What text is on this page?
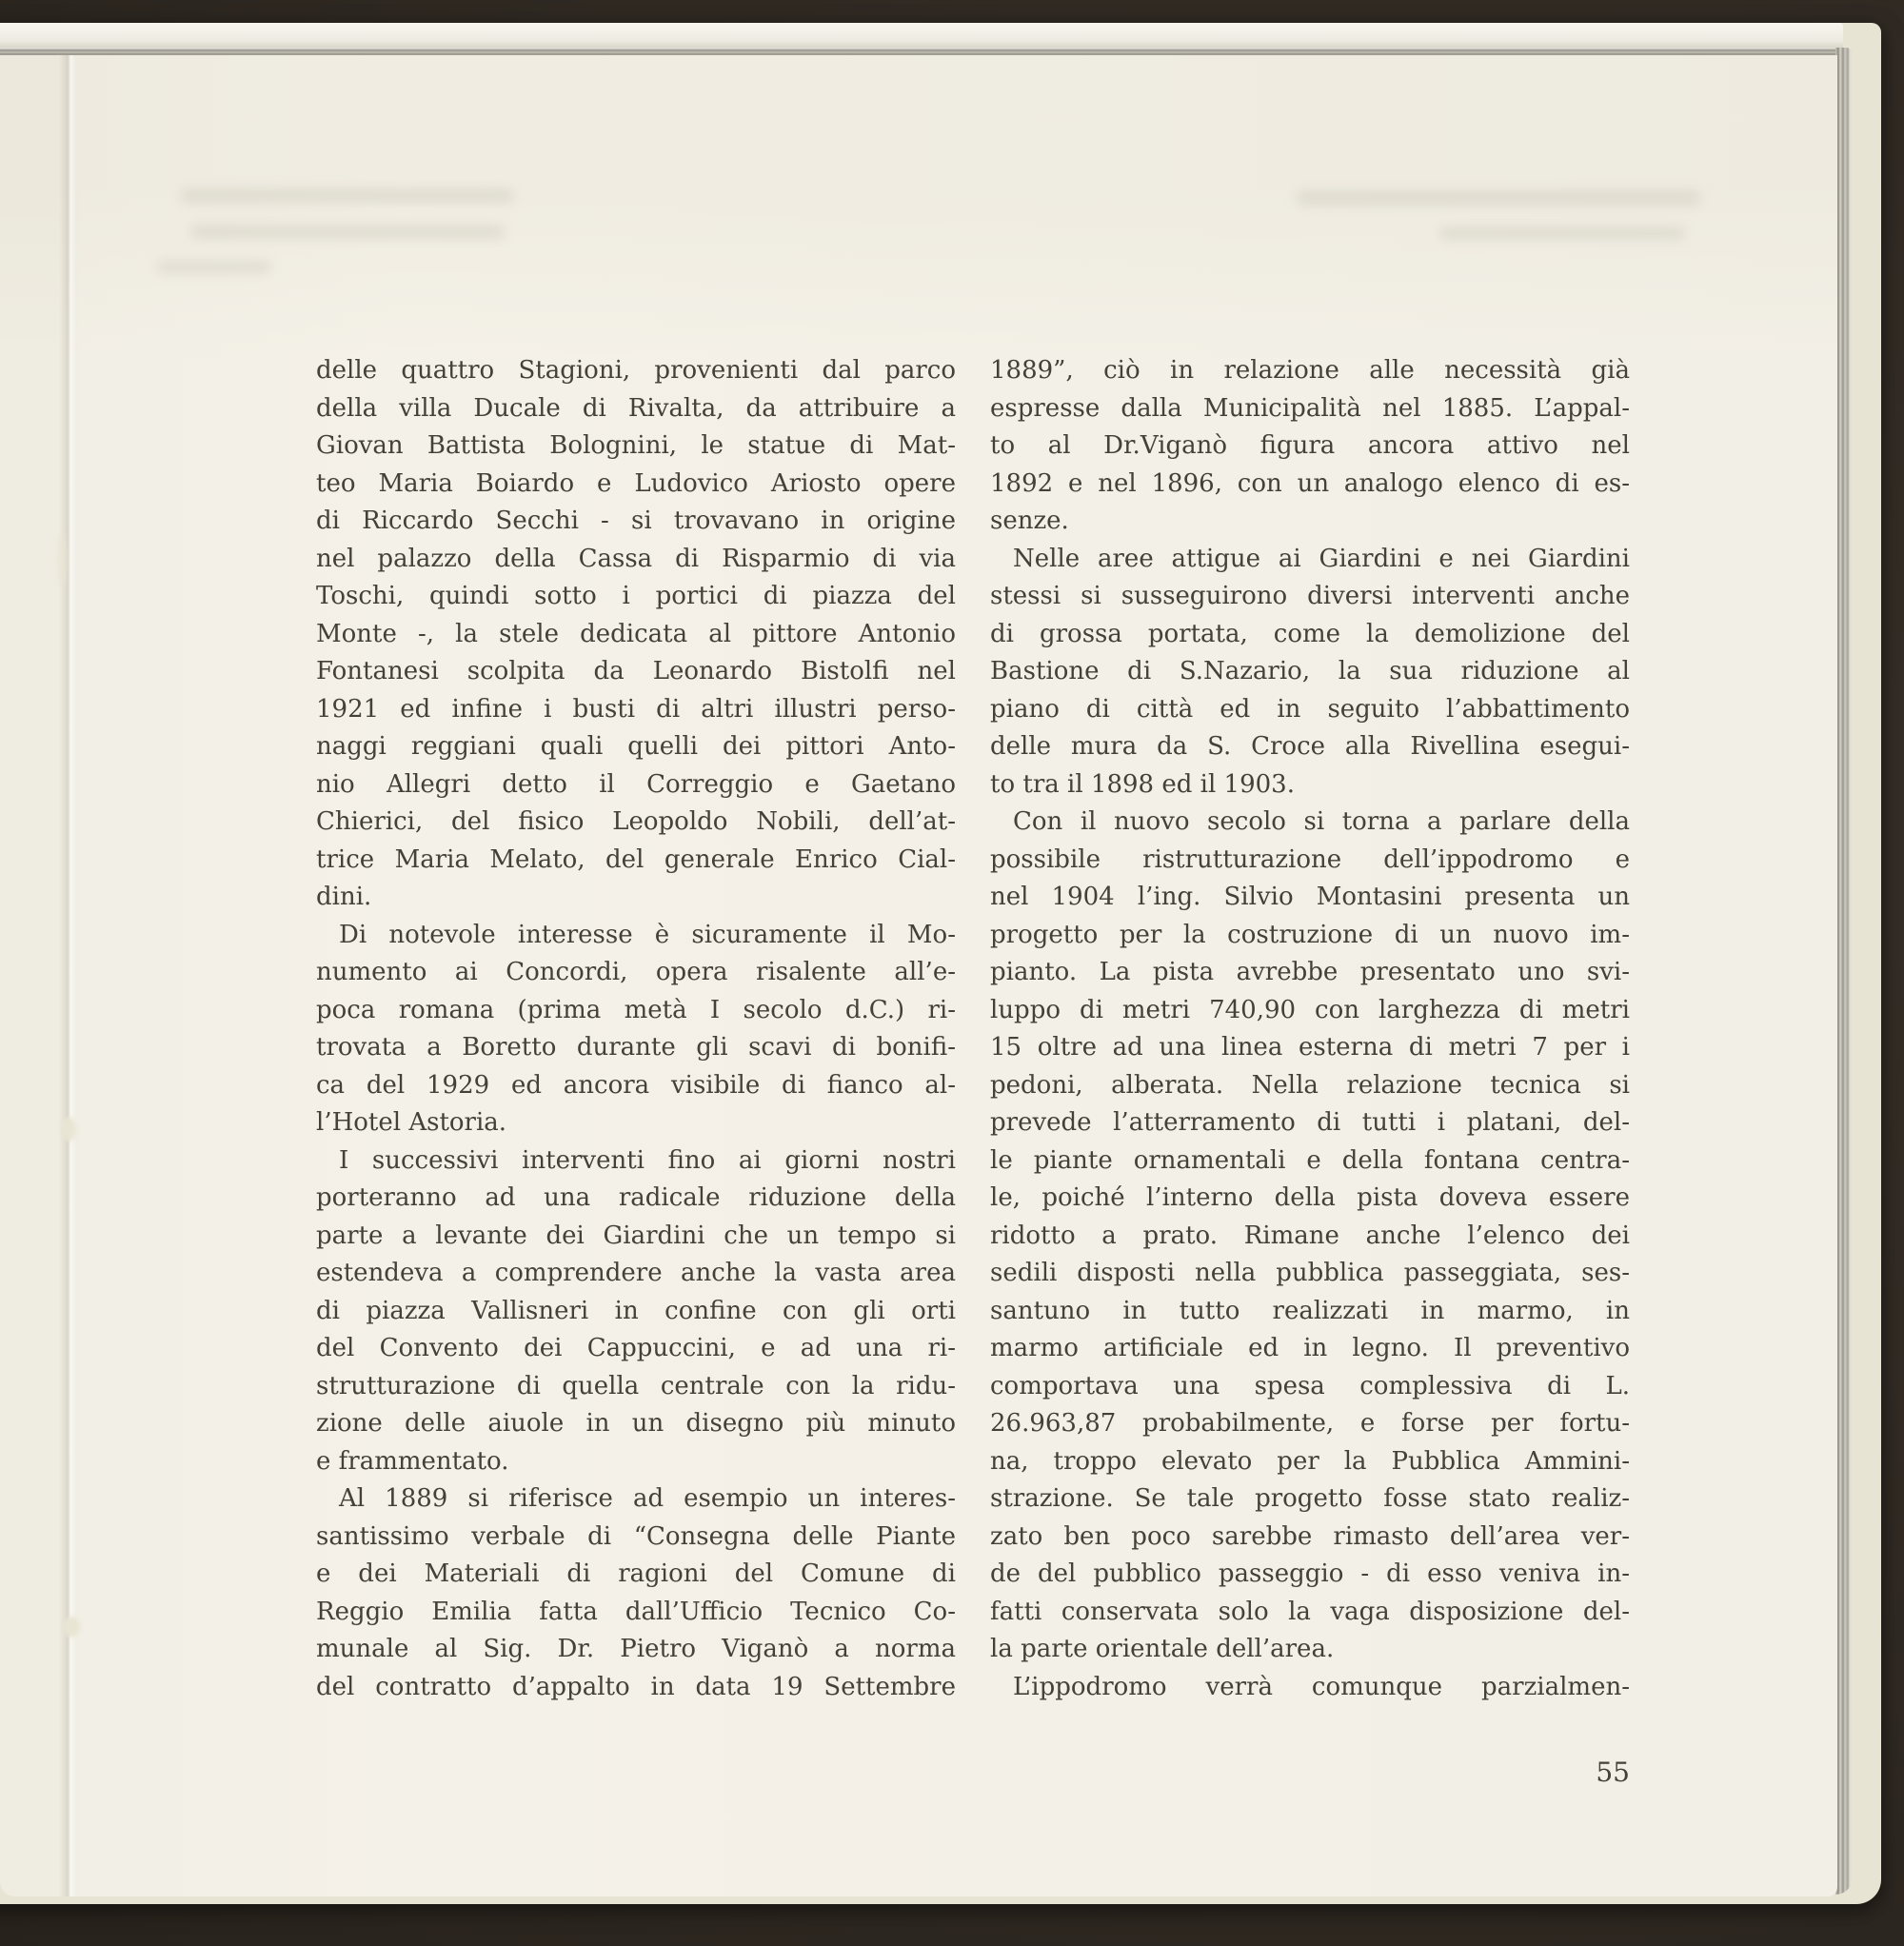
delle quattro Stagioni, provenienti dal parco
della villa Ducale di Rivalta, da attribuire a
Giovan Battista Bolognini, le statue di Mat-
teo Maria Boiardo e Ludovico Ariosto opere
di Riccardo Secchi - si trovavano in origine
nel palazzo della Cassa di Risparmio di via
Toschi, quindi sotto i portici di piazza del
Monte -, la stele dedicata al pittore Antonio
Fontanesi scolpita da Leonardo Bistolfi nel
1921 ed infine i busti di altri illustri perso-
naggi reggiani quali quelli dei pittori Anto-
nio Allegri detto il Correggio e Gaetano
Chierici, del fisico Leopoldo Nobili, dell’at-
trice Maria Melato, del generale Enrico Cial-
dini.
Di notevole interesse è sicuramente il Mo-
numento ai Concordi, opera risalente all’e-
poca romana (prima metà I secolo d.C.) ri-
trovata a Boretto durante gli scavi di bonifi-
ca del 1929 ed ancora visibile di fianco al-
l’Hotel Astoria.
I successivi interventi fino ai giorni nostri
porteranno ad una radicale riduzione della
parte a levante dei Giardini che un tempo si
estendeva a comprendere anche la vasta area
di piazza Vallisneri in confine con gli orti
del Convento dei Cappuccini, e ad una ri-
strutturazione di quella centrale con la ridu-
zione delle aiuole in un disegno più minuto
e frammentato.
Al 1889 si riferisce ad esempio un interes-
santissimo verbale di “Consegna delle Piante
e dei Materiali di ragioni del Comune di
Reggio Emilia fatta dall’Ufficio Tecnico Co-
munale al Sig. Dr. Pietro Viganò a norma
del contratto d’appalto in data 19 Settembre
1889”, ciò in relazione alle necessità già
espresse dalla Municipalità nel 1885. L’appal-
to al Dr.Viganò figura ancora attivo nel
1892 e nel 1896, con un analogo elenco di es-
senze.
Nelle aree attigue ai Giardini e nei Giardini
stessi si susseguirono diversi interventi anche
di grossa portata, come la demolizione del
Bastione di S.Nazario, la sua riduzione al
piano di città ed in seguito l’abbattimento
delle mura da S. Croce alla Rivellina esegui-
to tra il 1898 ed il 1903.
Con il nuovo secolo si torna a parlare della
possibile ristrutturazione dell’ippodromo e
nel 1904 l’ing. Silvio Montasini presenta un
progetto per la costruzione di un nuovo im-
pianto. La pista avrebbe presentato uno svi-
luppo di metri 740,90 con larghezza di metri
15 oltre ad una linea esterna di metri 7 per i
pedoni, alberata. Nella relazione tecnica si
prevede l’atterramento di tutti i platani, del-
le piante ornamentali e della fontana centra-
le, poiché l’interno della pista doveva essere
ridotto a prato. Rimane anche l’elenco dei
sedili disposti nella pubblica passeggiata, ses-
santuno in tutto realizzati in marmo, in
marmo artificiale ed in legno. Il preventivo
comportava una spesa complessiva di L.
26.963,87 probabilmente, e forse per fortu-
na, troppo elevato per la Pubblica Ammini-
strazione. Se tale progetto fosse stato realiz-
zato ben poco sarebbe rimasto dell’area ver-
de del pubblico passeggio - di esso veniva in-
fatti conservata solo la vaga disposizione del-
la parte orientale dell’area.
L’ippodromo verrà comunque parzialmen-
55
